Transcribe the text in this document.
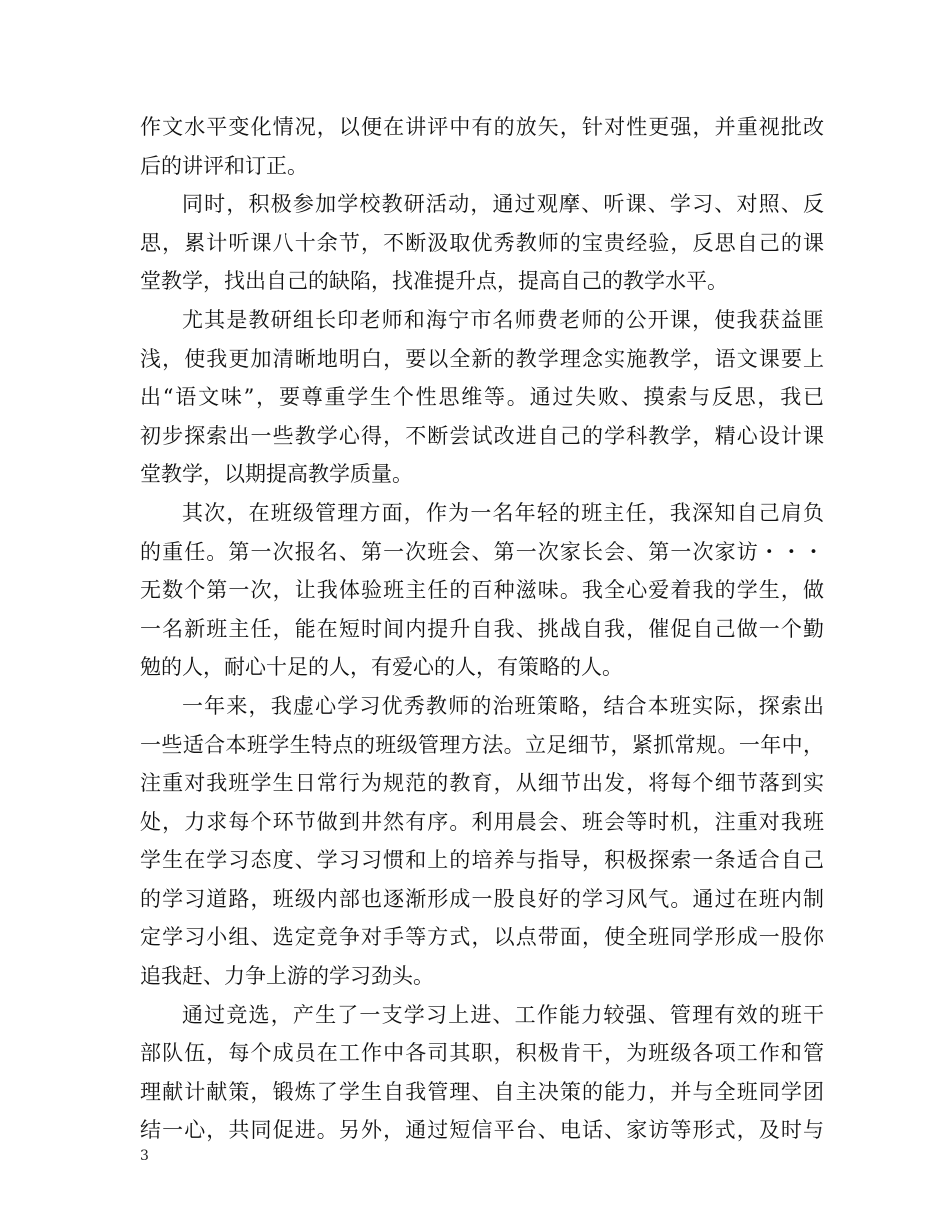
作文水平变化情况，以便在讲评中有的放矢，针对性更强，并重视批改
后的讲评和订正。
同时，积极参加学校教研活动，通过观摩、听课、学习、对照、反
思，累计听课八十余节，不断汲取优秀教师的宝贵经验，反思自己的课
堂教学，找出自己的缺陷，找准提升点，提高自己的教学水平。
尤其是教研组长印老师和海宁市名师费老师的公开课，使我获益匪
浅，使我更加清晰地明白，要以全新的教学理念实施教学，语文课要上
出“语文味”，要尊重学生个性思维等。通过失败、摸索与反思，我已
初步探索出一些教学心得，不断尝试改进自己的学科教学，精心设计课
堂教学，以期提高教学质量。
其次，在班级管理方面，作为一名年轻的班主任，我深知自己肩负
的重任。第一次报名、第一次班会、第一次家长会、第一次家访・・・
无数个第一次，让我体验班主任的百种滋味。我全心爱着我的学生，做
一名新班主任，能在短时间内提升自我、挑战自我，催促自己做一个勤
勉的人，耐心十足的人，有爱心的人，有策略的人。
一年来，我虚心学习优秀教师的治班策略，结合本班实际，探索出
一些适合本班学生特点的班级管理方法。立足细节，紧抓常规。一年中，
注重对我班学生日常行为规范的教育，从细节出发，将每个细节落到实
处，力求每个环节做到井然有序。利用晨会、班会等时机，注重对我班
学生在学习态度、学习习惯和上的培养与指导，积极探索一条适合自己
的学习道路，班级内部也逐渐形成一股良好的学习风气。通过在班内制
定学习小组、选定竞争对手等方式，以点带面，使全班同学形成一股你
追我赶、力争上游的学习劲头。
通过竞选，产生了一支学习上进、工作能力较强、管理有效的班干
部队伍，每个成员在工作中各司其职，积极肯干，为班级各项工作和管
理献计献策，锻炼了学生自我管理、自主决策的能力，并与全班同学团
结一心，共同促进。另外，通过短信平台、电话、家访等形式，及时与
3
